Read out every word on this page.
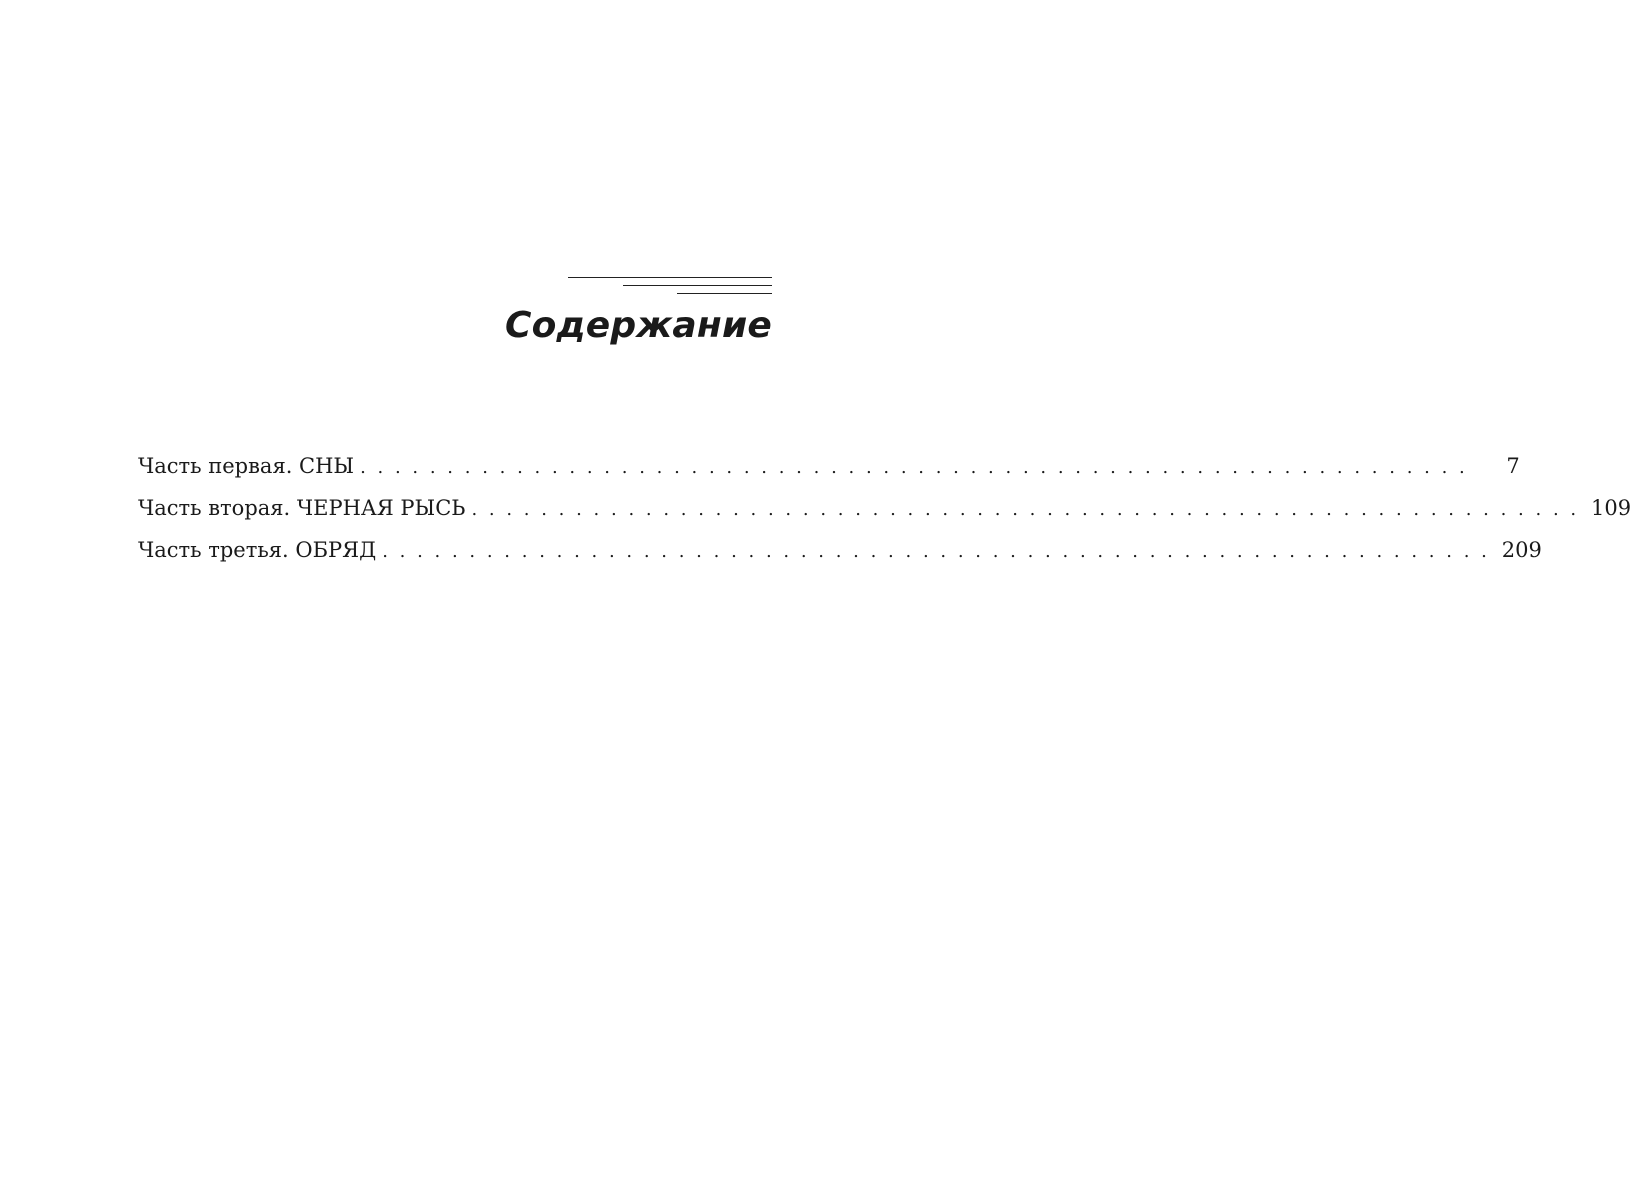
Содержание
Часть первая. СНЫ . . . . . . . . . . . . . . . . . . . . . . . . . . . . . . . . . . . . . . . . . . . . . . . . . . . . . . . . . . . . . . . .	7
Часть вторая. ЧЕРНАЯ РЫСЬ . . . . . . . . . . . . . . . . . . . . . . . . . . . . . . . . . . . . . . . . . . . . . . . . . . . . . . . . . . . . . . . . 109
Часть третья. ОБРЯД . . . . . . . . . . . . . . . . . . . . . . . . . . . . . . . . . . . . . . . . . . . . . . . . . . . . . . . . . . . . . . . . 209
